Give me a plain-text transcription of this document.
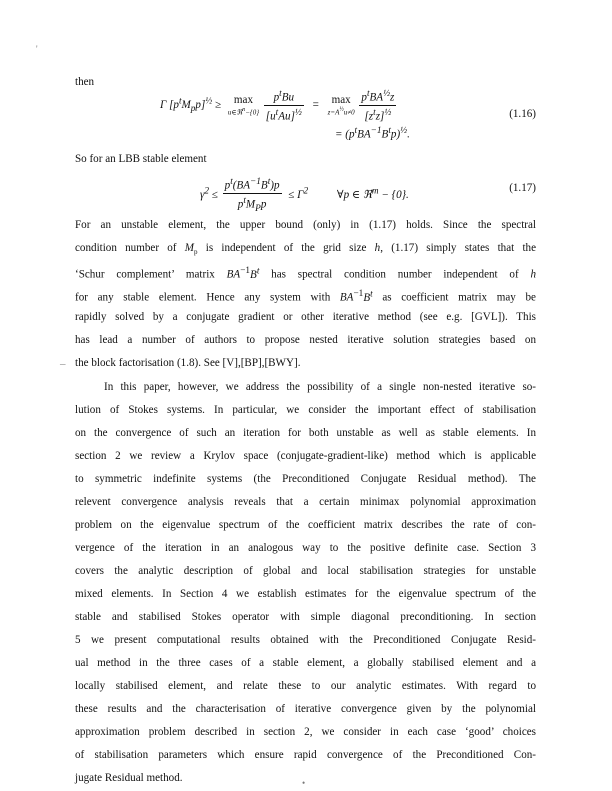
'
–
•
then
Γ $[p^tM_pp]^{\frac{1}{2}}$ ≥	max
u∈ℜ$^n$−{0}
$\frac{p^tBu}{[u^tAu]^{\frac{1}{2}}}$ =	max
$z=A^{\frac{1}{2}}u\ne 0$
$\frac{p^tBA^{\frac{1}{2}}z}{[z^tz]^{\frac{1}{2}}}$	(1.16)
= $(p^tBA^{-1}B^tp)^{\frac{1}{2}}$.
So for an LBB stable element
$\gamma^2 \le \frac{p^t(BA^{-1}B^t)p}{p^tM_Pp} \le \Gamma^2$	∀p ∈ ℜ$^m$ − {0}.
(1.17)
For an unstable element, the upper bound (only) in (1.17) holds. Since the spectral
condition number of $M_p$ is independent of the grid size h, (1.17) simply states that the
‘Schur complement’ matrix $BA^{-1}B^t$ has spectral condition number independent of h
for any stable element. Hence any system with $BA^{-1}B^t$ as coefficient matrix may be
rapidly solved by a conjugate gradient or other iterative method (see e.g. [GVL]). This
has lead a number of authors to propose nested iterative solution strategies based on
the block factorisation (1.8). See [V],[BP],[BWY].
In this paper, however, we address the possibility of a single non-nested iterative so-
lution of Stokes systems. In particular, we consider the important effect of stabilisation
on the convergence of such an iteration for both unstable as well as stable elements. In
section 2 we review a Krylov space (conjugate-gradient-like) method which is applicable
to symmetric indefinite systems (the Preconditioned Conjugate Residual method). The
relevent convergence analysis reveals that a certain minimax polynomial approximation
problem on the eigenvalue spectrum of the coefficient matrix describes the rate of con-
vergence of the iteration in an analogous way to the positive definite case. Section 3
covers the analytic description of global and local stabilisation strategies for unstable
mixed elements. In Section 4 we establish estimates for the eigenvalue spectrum of the
stable and stabilised Stokes operator with simple diagonal preconditioning. In section
5 we present computational results obtained with the Preconditioned Conjugate Resid-
ual method in the three cases of a stable element, a globally stabilised element and a
locally stabilised element, and relate these to our analytic estimates. With regard to
these results and the characterisation of iterative convergence given by the polynomial
approximation problem described in section 2, we consider in each case ‘good’ choices
of stabilisation parameters which ensure rapid convergence of the Preconditioned Con-
jugate Residual method.
